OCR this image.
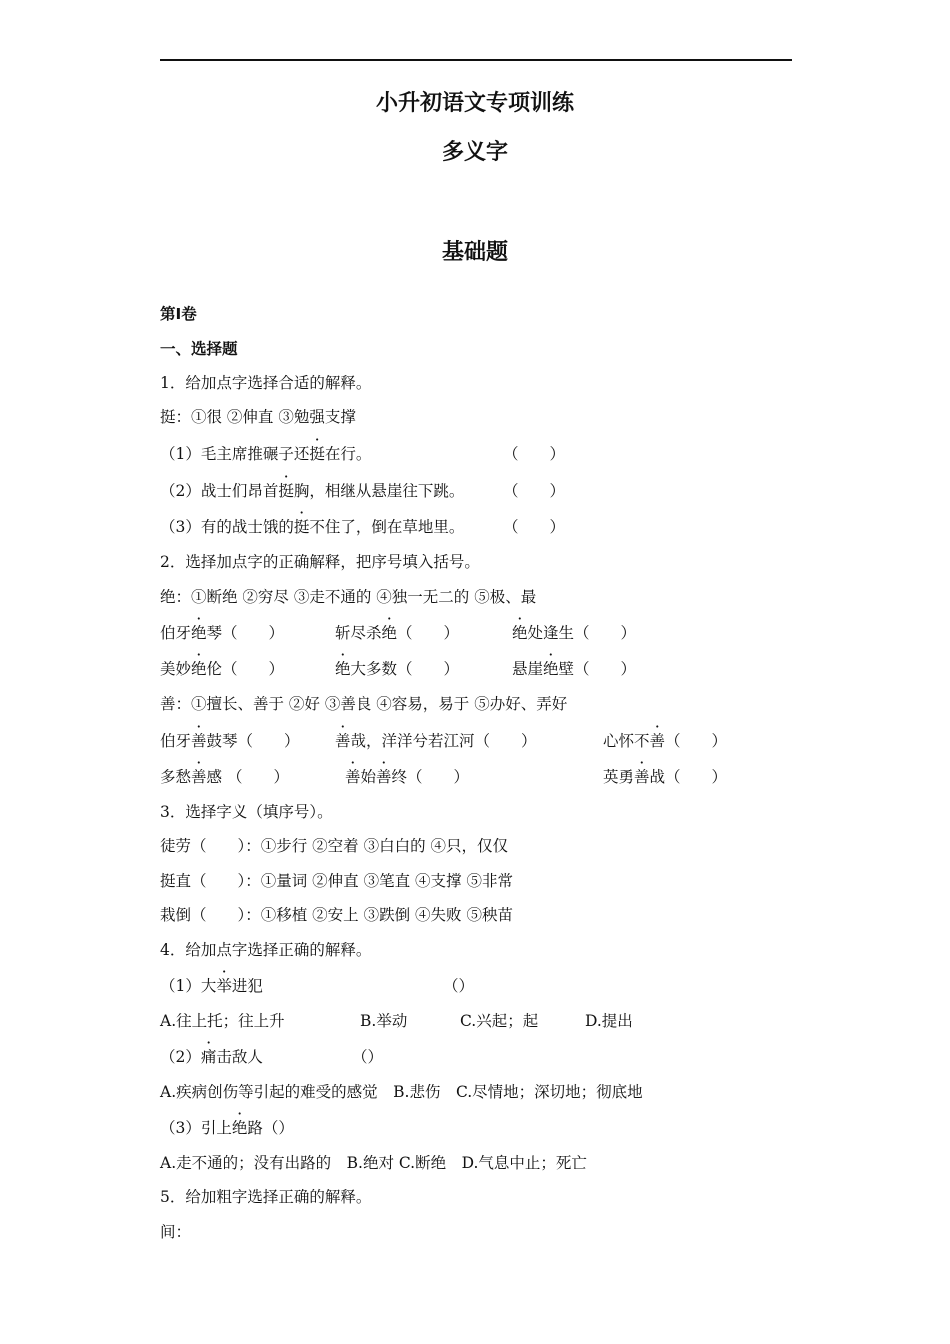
小升初语文专项训练
多义字
基础题
第Ⅰ卷
一、选择题
1．给加点字选择合适的解释。
挺：①很 ②伸直 ③勉强支撑
（1）毛主席推碾子还挺在行。	（　　）
（2）战士们昂首挺胸，相继从悬崖往下跳。 （　　）
（3）有的战士饿的挺不住了，倒在草地里。 （　　）
2．选择加点字的正确解释，把序号填入括号。
绝：①断绝 ②穷尽 ③走不通的 ④独一无二的 ⑤极、最
伯牙绝琴（　　）	斩尽杀绝（　　）	绝处逢生（　　）
美妙绝伦（　　）	绝大多数（　　）	悬崖绝壁（　　）
善：①擅长、善于 ②好 ③善良 ④容易，易于 ⑤办好、弄好
伯牙善鼓琴（　　） 善哉，洋洋兮若江河（　　）	心怀不善（　　）
多愁善感 （　　）	善始善终（　　）	英勇善战（　　）
3．选择字义（填序号）。
徒劳（　　）：①步行 ②空着 ③白白的 ④只，仅仅
挺直（　　）：①量词 ②伸直 ③笔直 ④支撑 ⑤非常
栽倒（　　）：①移植 ②安上 ③跌倒 ④失败 ⑤秧苗
4．给加点字选择正确的解释。
（1）大举进犯	（）
A.往上托；往上升	B.举动	C.兴起；起	D.提出
（2）痛击敌人	（）
A.疾病创伤等引起的难受的感觉　B.悲伤　C.尽情地；深切地；彻底地
（3）引上绝路（）
A.走不通的；没有出路的　B.绝对 C.断绝　D.气息中止；死亡
5．给加粗字选择正确的解释。
间：
